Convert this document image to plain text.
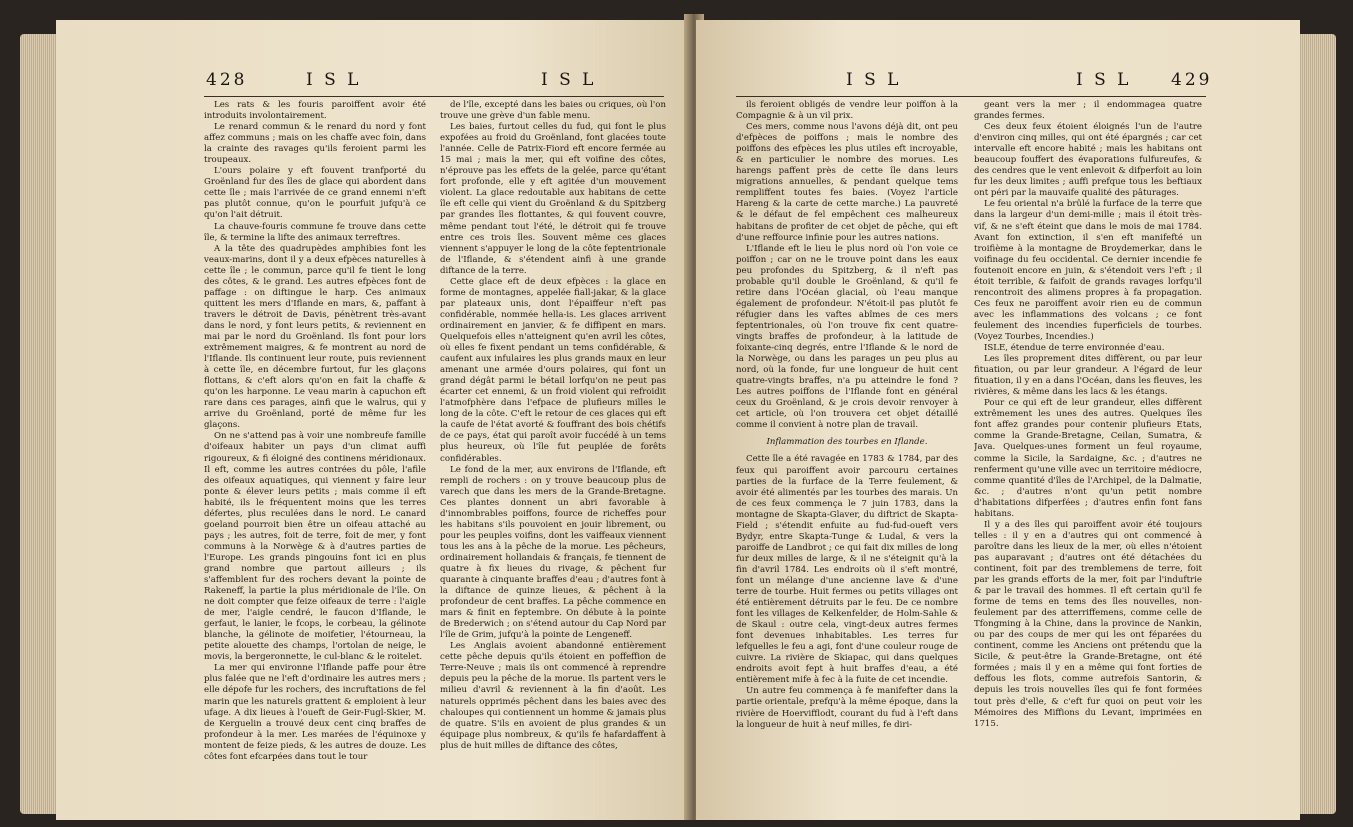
428	I S L	I S L

Les rats & les fouris paroiffent avoir été introduits involontairement.

Le renard commun & le renard du nord y font affez communs ; mais on les chaffe avec foin, dans la crainte des ravages qu'ils feroient parmi les troupeaux.

L'ours polaire y eft fouvent tranfporté du Groënland fur des îles de glace qui abordent dans cette île ; mais l'arrivée de ce grand ennemi n'eft pas plutôt connue, qu'on le pourfuit jufqu'à ce qu'on l'ait détruit.

La chauve-fouris commune fe trouve dans cette île, & termine la lifte des animaux terreftres.

A la tête des quadrupèdes amphibies font les veaux-marins, dont il y a deux efpèces naturelles à cette île ; le commun, parce qu'il fe tient le long des côtes, & le grand. Les autres efpèces font de paffage : on diftingue le harp. Ces animaux quittent les mers d'Iflande en mars, &, paffant à travers le détroit de Davis, pénètrent très-avant dans le nord, y font leurs petits, & reviennent en mai par le nord du Groënland. Ils font pour lors extrêmement maigres, & fe montrent au nord de l'Iflande. Ils continuent leur route, puis reviennent à cette île, en décembre furtout, fur les glaçons flottans, & c'eft alors qu'on en fait la chaffe & qu'on les harponne. Le veau marin à capuchon eft rare dans ces parages, ainfi que le walrus, qui y arrive du Groënland, porté de même fur les glaçons.

On ne s'attend pas à voir une nombreufe famille d'oifeaux habiter un pays d'un climat auffi rigoureux, & fi éloigné des continens méridionaux. Il eft, comme les autres contrées du pôle, l'afile des oifeaux aquatiques, qui viennent y faire leur ponte & élever leurs petits ; mais comme il eft habité, ils le fréquentent moins que les terres défertes, plus reculées dans le nord. Le canard goeland pourroit bien être un oifeau attaché au pays ; les autres, foit de terre, foit de mer, y font communs à la Norwège & à d'autres parties de l'Europe. Les grands pingouins font ici en plus grand nombre que partout ailleurs ; ils s'affemblent fur des rochers devant la pointe de Rakeneff, la partie la plus méridionale de l'île. On ne doit compter que feize oifeaux de terre : l'aigle de mer, l'aigle cendré, le faucon d'Iflande, le gerfaut, le lanier, le fcops, le corbeau, la gélinote blanche, la gélinote de moifetier, l'étourneau, la petite alouette des champs, l'ortolan de neige, le movis, la bergeronnette, le cul-blanc & le roitelet.

La mer qui environne l'Iflande paffe pour être plus falée que ne l'eft d'ordinaire les autres mers ; elle dépofe fur les rochers, des incruftations de fel marin que les naturels grattent & emploient à leur ufage. A dix lieues à l'oueft de Geir-Fugl-Skier, M. de Kerguelin a trouvé deux cent cinq braffes de profondeur à la mer. Les marées de l'équinoxe y montent de feize pieds, & les autres de douze. Les côtes font efcarpées dans tout le tour

de l'île, excepté dans les baies ou criques, où l'on trouve une grève d'un fable menu.

Les baies, furtout celles du fud, qui font le plus expofées au froid du Groënland, font glacées toute l'année. Celle de Patrix-Fiord eft encore fermée au 15 mai ; mais la mer, qui eft voifine des côtes, n'éprouve pas les effets de la gelée, parce qu'étant fort profonde, elle y eft agitée d'un mouvement violent. La glace redoutable aux habitans de cette île eft celle qui vient du Groënland & du Spitzberg par grandes îles flottantes, & qui fouvent couvre, même pendant tout l'été, le détroit qui fe trouve entre ces trois îles. Souvent même ces glaces viennent s'appuyer le long de la côte feptentrionale de l'Iflande, & s'étendent ainfi à une grande diftance de la terre.

Cette glace eft de deux efpèces : la glace en forme de montagnes, appelée fiall-jakar, & la glace par plateaux unis, dont l'épaiffeur n'eft pas confidérable, nommée hella-is. Les glaces arrivent ordinairement en janvier, & fe diffipent en mars. Quelquefois elles n'atteignent qu'en avril les côtes, où elles fe fixent pendant un tems confidérable, & caufent aux infulaires les plus grands maux en leur amenant une armée d'ours polaires, qui font un grand dégât parmi le bétail lorfqu'on ne peut pas écarter cet ennemi, & un froid violent qui refroidit l'atmofphère dans l'efpace de plufieurs milles le long de la côte. C'eft le retour de ces glaces qui eft la caufe de l'état avorté & fouffrant des bois chétifs de ce pays, état qui paroît avoir fuccédé à un tems plus heureux, où l'île fut peuplée de forêts confidérables.

Le fond de la mer, aux environs de l'Iflande, eft rempli de rochers : on y trouve beaucoup plus de varech que dans les mers de la Grande-Bretagne. Ces plantes donnent un abri favorable à d'innombrables poiffons, fource de richeffes pour les habitans s'ils pouvoient en jouir librement, ou pour les peuples voifins, dont les vaiffeaux viennent tous les ans à la pêche de la morue. Les pêcheurs, ordinairement hollandais & français, fe tiennent de quatre à fix lieues du rivage, & pêchent fur quarante à cinquante braffes d'eau ; d'autres font à la diftance de quinze lieues, & pêchent à la profondeur de cent braffes. La pêche commence en mars & finit en feptembre. On débute à la pointe de Brederwich ; on s'étend autour du Cap Nord par l'île de Grim, jufqu'à la pointe de Lengeneff.

Les Anglais avoient abandonné entièrement cette pêche depuis qu'ils étoient en poffeffion de Terre-Neuve ; mais ils ont commencé à reprendre depuis peu la pêche de la morue. Ils partent vers le milieu d'avril & reviennent à la fin d'août. Les naturels opprimés pêchent dans les baies avec des chaloupes qui contiennent un homme & jamais plus de quatre. S'ils en avoient de plus grandes & un équipage plus nombreux, & qu'ils fe hafardaffent à plus de huit milles de diftance des côtes,

I S L	I S L 429

ils feroient obligés de vendre leur poiffon à la Compagnie & à un vil prix.

Ces mers, comme nous l'avons déjà dit, ont peu d'efpèces de poiffons ; mais le nombre des poiffons des efpèces les plus utiles eft incroyable, & en particulier le nombre des morues. Les harengs paffent près de cette île dans leurs migrations annuelles, & pendant quelque tems rempliffent toutes fes baies. (Voyez l'article Hareng & la carte de cette marche.) La pauvreté & le défaut de fel empêchent ces malheureux habitans de profiter de cet objet de pêche, qui eft d'une reffource infinie pour les autres nations.

L'Iflande eft le lieu le plus nord où l'on voie ce poiffon ; car on ne le trouve point dans les eaux peu profondes du Spitzberg, & il n'eft pas probable qu'il double le Groënland, & qu'il fe retire dans l'Océan glacial, où l'eau manque également de profondeur. N'étoit-il pas plutôt fe réfugier dans les vaftes abîmes de ces mers feptentrionales, où l'on trouve fix cent quatre-vingts braffes de profondeur, à la latitude de foixante-cinq degrés, entre l'Iflande & le nord de la Norwège, ou dans les parages un peu plus au nord, où la fonde, fur une longueur de huit cent quatre-vingts braffes, n'a pu atteindre le fond ? Les autres poiffons de l'Iflande font en général ceux du Groënland, & je crois devoir renvoyer à cet article, où l'on trouvera cet objet détaillé comme il convient à notre plan de travail.

Inflammation des tourbes en Iflande.

Cette île a été ravagée en 1783 & 1784, par des feux qui paroiffent avoir parcouru certaines parties de la furface de la Terre feulement, & avoir été alimentés par les tourbes des marais. Un de ces feux commença le 7 juin 1783, dans la montagne de Skapta-Glaver, du diftrict de Skapta-Field ; s'étendit enfuite au fud-fud-oueft vers Bydyr, entre Skapta-Tunge & Ludal, & vers la paroiffe de Landbrot ; ce qui fait dix milles de long fur deux milles de large, & il ne s'éteignit qu'à la fin d'avril 1784. Les endroits où il s'eft montré, font un mélange d'une ancienne lave & d'une terre de tourbe. Huit fermes ou petits villages ont été entièrement détruits par le feu. De ce nombre font les villages de Kelkenfelder, de Holm-Sahle & de Skaul : outre cela, vingt-deux autres fermes font devenues inhabitables. Les terres fur lefquelles le feu a agi, font d'une couleur rouge de cuivre. La rivière de Skiapac, qui dans quelques endroits avoit fept à huit braffes d'eau, a été entièrement mife à fec à la fuite de cet incendie.

Un autre feu commença à fe manifefter dans la partie orientale, prefqu'à la même époque, dans la rivière de Hoervifflodt, courant du fud à l'eft dans la longueur de huit à neuf milles, fe diri-

geant vers la mer ; il endommagea quatre grandes fermes.

Ces deux feux étoient éloignés l'un de l'autre d'environ cinq milles, qui ont été épargnés ; car cet intervalle eft encore habité ; mais les habitans ont beaucoup fouffert des évaporations fulfureufes, & des cendres que le vent enlevoit & difperfoit au loin fur les deux limites ; auffi prefque tous les beftiaux ont péri par la mauvaife qualité des pâturages.

Le feu oriental n'a brûlé la furface de la terre que dans la largeur d'un demi-mille ; mais il étoit très-vif, & ne s'eft éteint que dans le mois de mai 1784. Avant fon extinction, il s'en eft manifefté un troifième à la montagne de Broydemerkar, dans le voifinage du feu occidental. Ce dernier incendie fe foutenoit encore en juin, & s'étendoit vers l'eft ; il étoit terrible, & faifoit de grands ravages lorfqu'il rencontroit des alimens propres à fa propagation. Ces feux ne paroiffent avoir rien eu de commun avec les inflammations des volcans ; ce font feulement des incendies fuperficiels de tourbes. (Voyez Tourbes, Incendies.)

ISLE, étendue de terre environnée d'eau.

Les îles proprement dites diffèrent, ou par leur fituation, ou par leur grandeur. A l'égard de leur fituation, il y en a dans l'Océan, dans les fleuves, les rivières, & même dans les lacs & les étangs.

Pour ce qui eft de leur grandeur, elles diffèrent extrêmement les unes des autres. Quelques îles font affez grandes pour contenir plufieurs Etats, comme la Grande-Bretagne, Ceilan, Sumatra, & Java. Quelques-unes forment un feul royaume, comme la Sicile, la Sardaigne, &c. ; d'autres ne renferment qu'une ville avec un territoire médiocre, comme quantité d'îles de l'Archipel, de la Dalmatie, &c. ; d'autres n'ont qu'un petit nombre d'habitations difperfées ; d'autres enfin font fans habitans.

Il y a des îles qui paroiffent avoir été toujours telles : il y en a d'autres qui ont commencé à paroître dans les lieux de la mer, où elles n'étoient pas auparavant ; d'autres ont été détachées du continent, foit par des tremblemens de terre, foit par les grands efforts de la mer, foit par l'induftrie & par le travail des hommes. Il eft certain qu'il fe forme de tems en tems des îles nouvelles, non-feulement par des atterriffemens, comme celle de Tfongming à la Chine, dans la province de Nankin, ou par des coups de mer qui les ont féparées du continent, comme les Anciens ont prétendu que la Sicile, & peut-être la Grande-Bretagne, ont été formées ; mais il y en a même qui font forties de deffous les flots, comme autrefois Santorin, & depuis les trois nouvelles îles qui fe font formées tout près d'elle, & c'eft fur quoi on peut voir les Mémoires des Miffions du Levant, imprimées en 1715.
